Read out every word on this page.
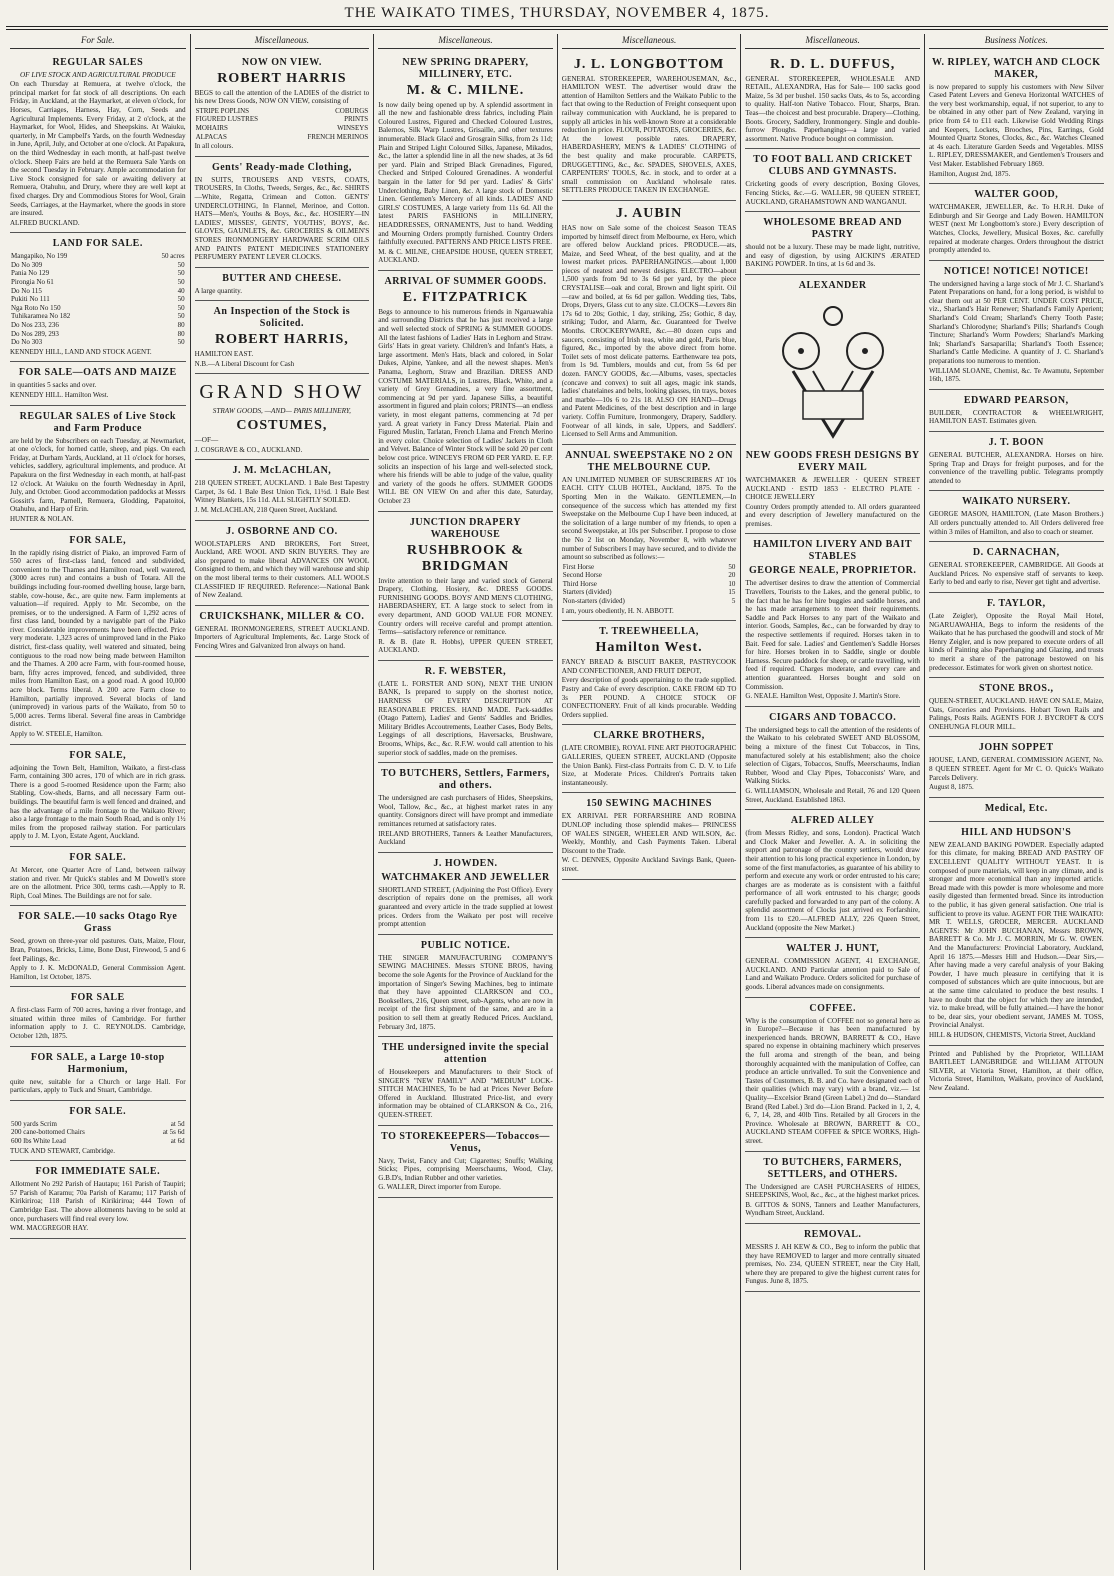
THE WAIKATO TIMES, THURSDAY, NOVEMBER 4, 1875.
For Sale.
REGULAR SALES

OF LIVE STOCK AND AGRICULTURAL PRODUCE

On each Thursday at Remuera, at twelve o'clock, the principal market for fat stock of all descriptions. On each Friday, in Auckland, at the Haymarket, at eleven o'clock, for Horses, Carriages, Harness, Hay, Corn, Seeds and Agricultural Implements. Every Friday, at 2 o'clock, at the Haymarket, for Wool, Hides, and Sheepskins. At Waiuku, quarterly, in Mr Campbell's Yards, on the fourth Wednesday in June, April, July, and October at one o'clock. At Papakura, on the third Wednesday in each month, at half-past twelve o'clock. Sheep Fairs are held at the Remuera Sale Yards on the second Tuesday in February. Ample accommodation for Live Stock consigned for sale or awaiting delivery at Remuera, Otahuhu, and Drury, where they are well kept at fixed charges. Dry and Commodious Stores for Wool, Grain Seeds, Carriages, at the Haymarket, where the goods in store are insured.

ALFRED BUCKLAND.

LAND FOR SALE.
Mangapiko, No 199	50 acres
Do No 309	50
Pania No 129	50
Pirongia No 61	50
Do No 115	40
Pukiti No 111	50
Nga Roto No 150	50
Tuhikaramea No 182	50
Do Nos 233, 236	80
Do Nos 289, 293	80
Do No 303	50

KENNEDY HILL, LAND AND STOCK AGENT.

FOR SALE—OATS AND MAIZE

in quantities 5 sacks and over.

KENNEDY HILL. Hamilton West.

REGULAR SALES of Live Stock and Farm Produce

are held by the Subscribers on each Tuesday, at Newmarket, at one o'clock, for horned cattle, sheep, and pigs. On each Friday, at Durham Yards, Auckland, at 11 o'clock for horses, vehicles, saddlery, agricultural implements, and produce. At Papakura on the first Wednesday in each month, at half-past 12 o'clock. At Waiuku on the fourth Wednesday in April, July, and October. Good accommodation paddocks at Messrs Gossitt's farm, Parnell, Remuera, Glodding, Papatoitoi, Otahuhu, and Harp of Erin.

HUNTER & NOLAN.

FOR SALE,

In the rapidly rising district of Piako, an improved Farm of 550 acres of first-class land, fenced and subdivided, convenient to the Thames and Hamilton road, well watered, (3000 acres run) and contains a bush of Totara. All the buildings including four-roomed dwelling house, large barn, stable, cow-house, &c., are quite new. Farm implements at valuation—if required. Apply to Mr. Secombe, on the premises, or to the undersigned. A Farm of 1,292 acres of first class land, bounded by a navigable part of the Piako river. Considerable improvements have been effected. Price very moderate. 1,323 acres of unimproved land in the Piako district, first-class quality, well watered and situated, being contiguous to the road now being made between Hamilton and the Thames. A 200 acre Farm, with four-roomed house, barn, fifty acres improved, fenced, and subdivided, three miles from Hamilton East, on a good road. A good 10,000 acre block. Terms liberal. A 200 acre Farm close to Hamilton, partially improved. Several blocks of land (unimproved) in various parts of the Waikato, from 50 to 5,000 acres. Terms liberal. Several fine areas in Cambridge district.

Apply to W. STEELE, Hamilton.

FOR SALE,

adjoining the Town Belt, Hamilton, Waikato, a first-class Farm, containing 300 acres, 170 of which are in rich grass. There is a good 5-roomed Residence upon the Farm; also Stabling, Cow-sheds, Barns, and all necessary Farm out-buildings. The beautiful farm is well fenced and drained, and has the advantage of a mile frontage to the Waikato River; also a large frontage to the main South Road, and is only 1½ miles from the proposed railway station. For particulars apply to J. M. Lyon, Estate Agent, Auckland.

FOR SALE.

At Mercer, one Quarter Acre of Land, between railway station and river. Mr Quick's stables and M Dowell's store are on the allotment. Price 300, terms cash.—Apply to R. Riph, Coal Mines. The Buildings are not for sale.

FOR SALE.—10 sacks Otago Rye Grass

Seed, grown on three-year old pastures. Oats, Maize, Flour, Bran, Potatoes, Bricks, Lime, Bone Dust, Firewood, 5 and 6 feet Pailings, &c.

Apply to J. K. McDONALD, General Commission Agent. Hamilton, 1st October, 1875.

FOR SALE

A first-class Farm of 700 acres, having a river frontage, and situated within three miles of Cambridge. For further information apply to J. C. REYNOLDS. Cambridge, October 12th, 1875.

FOR SALE, a Large 10-stop Harmonium,

quite new, suitable for a Church or large Hall. For particulars, apply to Tuck and Stuart, Cambridge.

FOR SALE.
500 yards Scrim	at 5d
200 cane-bottomed Chairs	at 5s 6d
600 lbs White Lead	at 6d

TUCK AND STEWART, Cambridge.

FOR IMMEDIATE SALE.

Allotment No 292 Parish of Hautapu; 161 Parish of Taupiri; 57 Parish of Karamu; 70a Parish of Karamu; 117 Parish of Kirikiriroa; 118 Parish of Kirikiriroa; 444 Town of Cambridge East. The above allotments having to be sold at once, purchasers will find real every low.

WM. MACGREGOR HAY.

Miscellaneous.
NOW ON VIEW.
ROBERT HARRIS

BEGS to call the attention of the LADIES of the district to his new Dress Goods, NOW ON VIEW, consisting of

STRIPE POPLINS	COBURGS
FIGURED LUSTRES	PRINTS
MOHAIRS	WINSEYS
ALPACAS	FRENCH MERINOS

In all colours.

Gents' Ready-made Clothing,

IN SUITS, TROUSERS AND VESTS, COATS, TROUSERS, In Cloths, Tweeds, Serges, &c., &c. SHIRTS—White, Regatta, Crimean and Cotton. GENTS' UNDERCLOTHING, In Flannel, Merinoe, and Cotton. HATS—Men's, Youths & Boys, &c., &c. HOSIERY—IN LADIES', MISSES', GENTS', YOUTHS', BOYS', &c. GLOVES, GAUNLETS, &c. GROCERIES & OILMEN'S STORES IRONMONGERY HARDWARE SCRIM OILS AND PAINTS PATENT MEDICINES STATIONERY PERFUMERY PATENT LEVER CLOCKS.

BUTTER AND CHEESE.

A large quantity.

An Inspection of the Stock is Solicited.
ROBERT HARRIS,

HAMILTON EAST.

N.B.—A Liberal Discount for Cash

GRAND SHOW

STRAW GOODS, —AND— PARIS MILLINERY,

COSTUMES,

—OF—

J. COSGRAVE & CO., AUCKLAND.

J. M. McLACHLAN,

218 QUEEN STREET, AUCKLAND. 1 Bale Best Tapestry Carpet, 3s 6d. 1 Bale Best Union Tick, 11½d. 1 Bale Best Witney Blankets, 15s 11d. ALL SLIGHTLY SOILED.

J. M. McLACHLAN, 218 Queen Street, Auckland.

J. OSBORNE AND CO.

WOOLSTAPLERS AND BROKERS, Fort Street, Auckland, ARE WOOL AND SKIN BUYERS. They are also prepared to make liberal ADVANCES ON WOOL Consigned to them, and which they will warehouse and ship on the most liberal terms to their customers. ALL WOOLS CLASSIFIED IF REQUIRED. Reference:—National Bank of New Zealand.

CRUICKSHANK, MILLER & CO.

GENERAL IRONMONGERERS, STREET AUCKLAND. Importers of Agricultural Implements, &c. Large Stock of Fencing Wires and Galvanized Iron always on hand.

Miscellaneous.
NEW SPRING DRAPERY, MILLINERY, ETC.
M. & C. MILNE.

Is now daily being opened up by. A splendid assortment in all the new and fashionable dress fabrics, including Plain Coloured Lustres, Figured and Checked Coloured Lustres, Balernos, Silk Warp Lustres, Grisaille, and other textures innumerable. Black Glacé and Grosgrain Silks, from 2s 11d; Plain and Striped Light Coloured Silks, Japanese, Mikados, &c., the latter a splendid line in all the new shades, at 3s 6d per yard. Plain and Striped Black Grenadines, Figured, Checked and Striped Coloured Grenadines. A wonderful bargain in the latter for 9d per yard. Ladies' & Girls' Underclothing, Baby Linen, &c. A large stock of Domestic Linen. Gentlemen's Mercery of all kinds. LADIES' AND GIRLS' COSTUMES, A large variety from 11s 6d. All the latest PARIS FASHIONS in MILLINERY, HEADDRESSES, ORNAMENTS, Just to hand. Wedding and Mourning Orders promptly furnished. Country Orders faithfully executed. PATTERNS AND PRICE LISTS FREE.

M. & C. MILNE, CHEAPSIDE HOUSE, QUEEN STREET, AUCKLAND.

ARRIVAL OF SUMMER GOODS.
E. FITZPATRICK

Begs to announce to his numerous friends in Ngaruawahia and surrounding Districts that he has just received a large and well selected stock of SPRING & SUMMER GOODS. All the latest fashions of Ladies' Hats in Leghorn and Straw. Girls' Hats in great variety. Children's and Infant's Hats, a large assortment. Men's Hats, black and colored, in Solar Dukes, Alpine, Yankee, and all the newest shapes. Men's Panama, Leghorn, Straw and Brazilian. DRESS AND COSTUME MATERIALS, in Lustres, Black, White, and a variety of Grey Grenadines, a very fine assortment, commencing at 9d per yard. Japanese Silks, a beautiful assortment in figured and plain colors; PRINTS—an endless variety, in most elegant patterns, commencing at 7d per yard. A great variety in Fancy Dress Material. Plain and Figured Muslin, Tarlatan, French Llama and French Merino in every color. Choice selection of Ladies' Jackets in Cloth and Velvet. Balance of Winter Stock will be sold 20 per cent below cost price. WINCEYS FROM 6D PER YARD. E. F.P. solicits an inspection of his large and well-selected stock, where his friends will be able to judge of the value, quality and variety of the goods he offers. SUMMER GOODS WILL BE ON VIEW On and after this date, Saturday, October 23

JUNCTION DRAPERY WAREHOUSE
RUSHBROOK & BRIDGMAN

Invite attention to their large and varied stock of General Drapery, Clothing, Hosiery, &c. DRESS GOODS. FURNISHING GOODS. BOYS' AND MEN'S CLOTHING, HABERDASHERY, ET. A large stock to select from in every department, AND GOOD VALUE FOR MONEY. Country orders will receive careful and prompt attention. Terms—satisfactory reference or remittance.

R. & B. (late R. Hobbs), UPPER QUEEN STREET, AUCKLAND.

R. F. WEBSTER,

(LATE L. FORSTER AND SON), NEXT THE UNION BANK, Is prepared to supply on the shortest notice, HARNESS OF EVERY DESCRIPTION AT REASONABLE PRICES. HAND MADE. Pack-saddles (Otago Pattern), Ladies' and Gents' Saddles and Bridles, Military Bridles Accoutrements, Leather Cases, Body Belts, Leggings of all descriptions, Haversacks, Brushware, Brooms, Whips, &c., &c. R.F.W. would call attention to his superior stock of saddles, made on the premises.

TO BUTCHERS, Settlers, Farmers, and others.

The undersigned are cash purchasers of Hides, Sheepskins, Wool, Tallow, &c., &c., at highest market rates in any quantity. Consignors direct will have prompt and immediate remittances returned at satisfactory rates.

IRELAND BROTHERS, Tanners & Leather Manufacturers, Auckland

J. HOWDEN.
WATCHMAKER AND JEWELLER

SHORTLAND STREET, (Adjoining the Post Office). Every description of repairs done on the premises, all work guaranteed and every article in the trade supplied at lowest prices. Orders from the Waikato per post will receive prompt attention

PUBLIC NOTICE.

THE SINGER MANUFACTURING COMPANY'S SEWING MACHINES. Messrs STONE BROS, having become the sole Agents for the Province of Auckland for the importation of Singer's Sewing Machines, beg to intimate that they have appointed CLARKSON and CO., Booksellers, 216, Queen street, sub-Agents, who are now in receipt of the first shipment of the same, and are in a position to sell them at greatly Reduced Prices. Auckland, February 3rd, 1875.

THE undersigned invite the special attention

of Housekeepers and Manufacturers to their Stock of SINGER'S "NEW FAMILY" AND "MEDIUM" LOCK-STITCH MACHINES, To be had at Prices Never Before Offered in Auckland. Illustrated Price-list, and every information may be obtained of CLARKSON & Co., 216, QUEEN-STREET.

TO STOREKEEPERS—Tobaccos—Venus,

Navy, Twist, Fancy and Cut; Cigarettes; Snuffs; Walking Sticks; Pipes, comprising Meerschaums, Wood, Clay, G.B.D's, Indian Rubber and other varieties.

G. WALLER, Direct importer from Europe.

Miscellaneous.
J. L. LONGBOTTOM

GENERAL STOREKEEPER, WAREHOUSEMAN, &c., HAMILTON WEST. The advertiser would draw the attention of Hamilton Settlers and the Waikato Public to the fact that owing to the Reduction of Freight consequent upon railway communication with Auckland, he is prepared to supply all articles in his well-known Store at a considerable reduction in price. FLOUR, POTATOES, GROCERIES, &c. At the lowest possible rates. DRAPERY, HABERDASHERY, MEN'S & LADIES' CLOTHING of the best quality and make procurable. CARPETS, DRUGGETTING, &c., &c. SPADES, SHOVELS, AXES, CARPENTERS' TOOLS, &c. in stock, and to order at a small commission on Auckland wholesale rates. SETTLERS PRODUCE TAKEN IN EXCHANGE.

J. AUBIN

HAS now on Sale some of the choicest Season TEAS imported by himself direct from Melbourne, ex Hero, which are offered below Auckland prices. PRODUCE.—ats, Maize, and Seed Wheat, of the best quality, and at the lowest market prices. PAPERHANGINGS.—about 1,000 pieces of neatest and newest designs. ELECTRO—about 1,500 yards from 9d to 3s 6d per yard, by the piece CRYSTALISE—oak and coral, Brown and light spirit. Oil—raw and boiled, at 6s 6d per gallon. Wedding ties, Tabs, Drops, Dryers, Glass cut to any size. CLOCKS—Levers 8in 17s 6d to 20s; Gothic, 1 day, striking, 25s; Gothic, 8 day, striking; Tudor, and Alarm, &c. Guaranteed for Twelve Months. CROCKERYWARE, &c.—80 dozen cups and saucers, consisting of Irish teas, white and gold, Paris blue, figured, &c., imported by the above direct from home. Toilet sets of most delicate patterns. Earthenware tea pots, from 1s 9d. Tumblers, moulds and cut, from 5s 6d per dozen. FANCY GOODS, &c.—Albums, vases, spectacles (concave and convex) to suit all ages, magic ink stands, ladies' chatelaines and belts, looking glasses, tin trays, boxes and marble—10s 6 to 21s 18. ALSO ON HAND—Drugs and Patent Medicines, of the best description and in large variety. Coffin Furniture, Ironmongery, Drapery, Saddlery. Footwear of all kinds, in sale, Uppers, and Saddlers'. Licensed to Sell Arms and Ammunition.

ANNUAL SWEEPSTAKE NO 2 ON THE MELBOURNE CUP.

AN UNLIMITED NUMBER OF SUBSCRIBERS AT 10s EACH. CITY CLUB HOTEL, Auckland, 1875. To the Sporting Men in the Waikato. GENTLEMEN,—In consequence of the success which has attended my first Sweepstake on the Melbourne Cup I have been induced, at the solicitation of a large number of my friends, to open a second Sweepstake, at 10s per Subscriber. I propose to close the No 2 list on Monday, November 8, with whatever number of Subscribers I may have secured, and to divide the amount so subscribed as follows:—

First Horse	50
Second Horse	20
Third Horse	10
Starters (divided)	15
Non-starters (divided)	5

I am, yours obediently, H. N. ABBOTT.

T. TREEWHEELLA,
Hamilton West.

FANCY BREAD & BISCUIT BAKER, PASTRYCOOK AND CONFECTIONER, AND FRUIT DEPOT,

Every description of goods appertaining to the trade supplied. Pastry and Cake of every description. CAKE FROM 6D TO 3s PER POUND. A CHOICE STOCK OF CONFECTIONERY. Fruit of all kinds procurable. Wedding Orders supplied.

CLARKE BROTHERS,

(LATE CROMBIE), ROYAL FINE ART PHOTOGRAPHIC GALLERIES, QUEEN STREET, AUCKLAND (Opposite the Union Bank). First-class Portraits from C. D. V. to Life Size, at Moderate Prices. Children's Portraits taken instantaneously.

150 SEWING MACHINES

EX ARRIVAL PER FORFARSHIRE AND ROBINA DUNLOP including those splendid makes— PRINCESS OF WALES SINGER, WHEELER AND WILSON, &c. Weekly, Monthly, and Cash Payments Taken. Liberal Discount to the Trade.

W. C. DENNES, Opposite Auckland Savings Bank, Queen-street.

Miscellaneous.
R. D. L. DUFFUS,

GENERAL STOREKEEPER, WHOLESALE AND RETAIL, ALEXANDRA, Has for Sale— 100 sacks good Maize, 5s 3d per bushel. 150 sacks Oats, 4s to 5s, according to quality. Half-ton Native Tobacco. Flour, Sharps, Bran. Teas—the choicest and best procurable. Drapery—Clothing, Boots. Grocery, Saddlery, Ironmongery. Single and double-furrow Ploughs. Paperhangings—a large and varied assortment. Native Produce bought on commission.

TO FOOT BALL AND CRICKET CLUBS AND GYMNASTS.

Cricketing goods of every description, Boxing Gloves, Fencing Sticks, &c.—G. WALLER, 98 QUEEN STREET, AUCKLAND, GRAHAMSTOWN AND WANGANUI.

WHOLESOME BREAD AND PASTRY

should not be a luxury. These may be made light, nutritive, and easy of digestion, by using AICKIN'S ÆRATED BAKING POWDER. In tins, at 1s 6d and 3s.

ALEXANDER
NEW GOODS FRESH DESIGNS BY EVERY MAIL

WATCHMAKER & JEWELLER · QUEEN STREET AUCKLAND · ESTD 1853 · ELECTRO PLATE · CHOICE JEWELLERY

Country Orders promptly attended to. All orders guaranteed and every description of Jewellery manufactured on the premises.

HAMILTON LIVERY AND BAIT STABLES
GEORGE NEALE, PROPRIETOR.

The advertiser desires to draw the attention of Commercial Travellers, Tourists to the Lakes, and the general public, to the fact that he has for hire buggies and saddle horses, and he has made arrangements to meet their requirements. Saddle and Pack Horses to any part of the Waikato and interior. Goods, Samples, &c., can be forwarded by dray to the respective settlements if required. Horses taken in to Bait. Feed for sale. Ladies' and Gentlemen's Saddle Horses for hire. Horses broken in to Saddle, single or double Harness. Secure paddock for sheep, or cattle travelling, with feed if required. Charges moderate, and every care and attention guaranteed. Horses bought and sold on Commission.

G. NEALE. Hamilton West, Opposite J. Martin's Store.

CIGARS AND TOBACCO.

The undersigned begs to call the attention of the residents of the Waikato to his celebrated SWEET AND BLOSSOM, being a mixture of the finest Cut Tobaccos, in Tins, manufactured solely at his establishment; also the choice selection of Cigars, Tobaccos, Snuffs, Meerschaums, Indian Rubber, Wood and Clay Pipes, Tobacconists' Ware, and Walking Sticks.

G. WILLIAMSON, Wholesale and Retail, 76 and 120 Queen Street, Auckland. Established 1863.

ALFRED ALLEY

(from Messrs Ridley, and sons, London). Practical Watch and Clock Maker and Jeweller. A. A. in soliciting the support and patronage of the country settlers, would draw their attention to his long practical experience in London, by some of the first manufactories, as guarantee of his ability to perform and execute any work or order entrusted to his care; charges are as moderate as is consistent with a faithful performance of all work entrusted to his charge; goods carefully packed and forwarded to any part of the colony. A splendid assortment of Clocks just arrived ex Forfarshire, from 11s to £20.—ALFRED ALLY, 226 Queen Street, Auckland (opposite the New Market.)

WALTER J. HUNT,

GENERAL COMMISSION AGENT, 41 EXCHANGE, AUCKLAND. AND Particular attention paid to Sale of Land and Waikato Produce. Orders solicited for purchase of goods. Liberal advances made on consignments.

COFFEE.

Why is the consumption of COFFEE not so general here as in Europe?—Because it has been manufactured by inexperienced hands. BROWN, BARRETT & CO., Have spared no expense in obtaining machinery which preserves the full aroma and strength of the bean, and being thoroughly acquainted with the manipulation of Coffee, can produce an article unrivalled. To suit the Convenience and Tastes of Customers, B. B. and Co. have designated each of their qualities (which may vary) with a brand, viz.— 1st Quality—Excelsior Brand (Green Label.) 2nd do—Standard Brand (Red Label.) 3rd do—Lion Brand. Packed in 1, 2, 4, 6, 7, 14, 28, and 40lb Tins. Retailed by all Grocers in the Province. Wholesale at BROWN, BARRETT & CO., AUCKLAND STEAM COFFEE & SPICE WORKS, High-street.

TO BUTCHERS, FARMERS, SETTLERS, and OTHERS.

The Undersigned are CASH PURCHASERS of HIDES, SHEEPSKINS, Wool, &c., &c., at the highest market prices.

B. GITTOS & SONS, Tanners and Leather Manufacturers, Wyndham Street, Auckland.

REMOVAL.

MESSRS J. AH KEW & CO., Beg to inform the public that they have REMOVED to larger and more centrally situated premises, No. 234, QUEEN STREET, near the City Hall, where they are prepared to give the highest current rates for Fungus. June 8, 1875.

Business Notices.
W. RIPLEY, WATCH AND CLOCK MAKER,

is now prepared to supply his customers with New Silver Cased Patent Levers and Geneva Horizontal WATCHES of the very best workmanship, equal, if not superior, to any to be obtained in any other part of New Zealand, varying in price from £4 to £11 each. Likewise Gold Wedding Rings and Keepers, Lockets, Brooches, Pins, Earrings, Gold Mounted Quartz Stones, Clocks, &c., &c. Watches Cleaned at 4s each. Literature Garden Seeds and Vegetables. MISS L. RIPLEY, DRESSMAKER, and Gentlemen's Trousers and Vest Maker. Established February 1869.

Hamilton, August 2nd, 1875.

WALTER GOOD,

WATCHMAKER, JEWELLER, &c. To H.R.H. Duke of Edinburgh and Sir George and Lady Bowen. HAMILTON WEST (next Mr Longbottom's store.) Every description of Watches, Clocks, Jewellery, Musical Boxes, &c. carefully repaired at moderate charges. Orders throughout the district promptly attended to.

NOTICE! NOTICE! NOTICE!

The undersigned having a large stock of Mr J. C. Sharland's Patent Preparations on hand, for a long period, is wishful to clear them out at 50 PER CENT. UNDER COST PRICE, viz., Sharland's Hair Renewer; Sharland's Family Aperient; Sharland's Cold Cream; Sharland's Cherry Tooth Paste; Sharland's Chlorodyne; Sharland's Pills; Sharland's Cough Tincture; Sharland's Worm Powders; Sharland's Marking Ink; Sharland's Sarsaparilla; Sharland's Tooth Essence; Sharland's Cattle Medicine. A quantity of J. C. Sharland's preparations too numerous to mention.

WILLIAM SLOANE, Chemist, &c. Te Awamutu, September 16th, 1875.

EDWARD PEARSON,

BUILDER, CONTRACTOR & WHEELWRIGHT, HAMILTON EAST. Estimates given.

J. T. BOON

GENERAL BUTCHER, ALEXANDRA. Horses on hire. Spring Trap and Drays for freight purposes, and for the convenience of the travelling public. Telegrams promptly attended to

WAIKATO NURSERY.

GEORGE MASON, HAMILTON, (Late Mason Brothers.) All orders punctually attended to. All Orders delivered free within 3 miles of Hamilton, and also to coach or steamer.

D. CARNACHAN,

GENERAL STOREKEEPER, CAMBRIDGE. All Goods at Auckland Prices. No expensive staff of servants to keep. Early to bed and early to rise, Never get tight and advertise.

F. TAYLOR,

(Late Zeigler), Opposite the Royal Mail Hotel, NGARUAWAHIA, Begs to inform the residents of the Waikato that he has purchased the goodwill and stock of Mr Henry Zeigler, and is now prepared to execute orders of all kinds of Painting also Paperhanging and Glazing, and trusts to merit a share of the patronage bestowed on his predecessor. Estimates for work given on shortest notice.

STONE BROS.,

QUEEN-STREET, AUCKLAND. HAVE ON SALE, Maize, Oats, Groceries and Provisions. Hobart Town Rails and Palings, Posts Rails. AGENTS FOR J. BYCROFT & CO'S ONEHUNGA FLOUR MILL.

JOHN SOPPET

HOUSE, LAND, GENERAL COMMISSION AGENT, No. 8 QUEEN STREET. Agent for Mr C. O. Quick's Waikato Parcels Delivery.

August 8, 1875.

Medical, Etc.
HILL AND HUDSON'S

NEW ZEALAND BAKING POWDER. Especially adapted for this climate, for making BREAD AND PASTRY OF EXCELLENT QUALITY WITHOUT YEAST. It is composed of pure materials, will keep in any climate, and is stronger and more economical than any imported article. Bread made with this powder is more wholesome and more easily digested than fermented bread. Since its introduction to the public, it has given general satisfaction. One trial is sufficient to prove its value. AGENT FOR THE WAIKATO: MR T. WELLS, GROCER, MERCER. AUCKLAND AGENTS: Mr JOHN BUCHANAN, Messrs BROWN, BARRETT & Co. Mr J. C. MORRIN, Mr G. W. OWEN. And the Manufacturers: Provincial Laboratory, Auckland, April 16 1875.—Messrs Hill and Hudson.—Dear Sirs,—After having made a very careful analysis of your Baking Powder, I have much pleasure in certifying that it is composed of substances which are quite innocuous, but are at the same time calculated to produce the best results. I have no doubt that the object for which they are intended, viz. to make bread, will be fully attained.—I have the honor to be, dear sirs, your obedient servant, JAMES M. TOSS, Provincial Analyst.

HILL & HUDSON, CHEMISTS, Victoria Street, Auckland

Printed and Published by the Proprietor, WILLIAM BARTLEET LANGBRIDGE and WILLIAM ATTOUN SILVER, at Victoria Street, Hamilton, at their office, Victoria Street, Hamilton, Waikato, province of Auckland, New Zealand.
